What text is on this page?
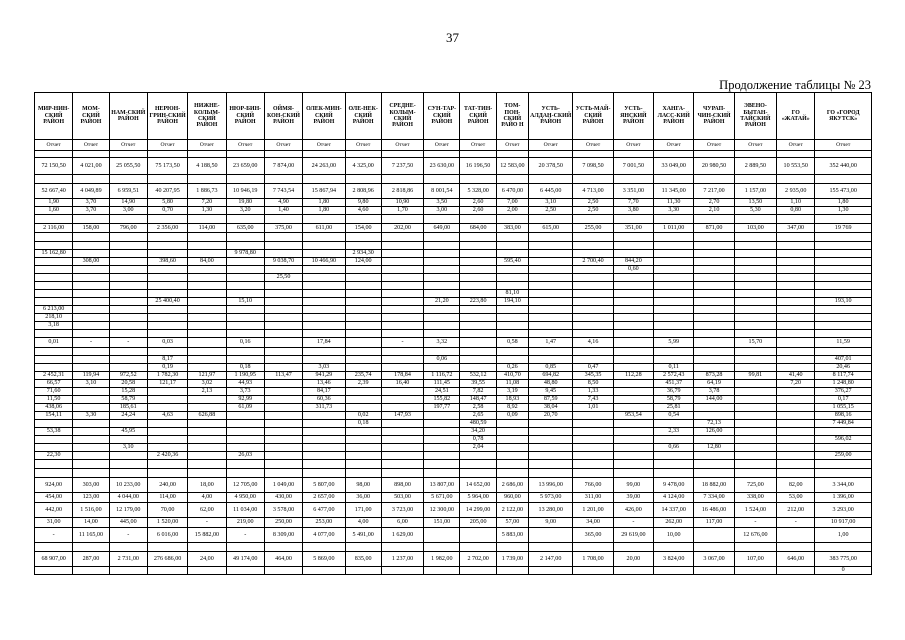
37
Продолжение таблицы № 23
МИР-НИН-СКИЙ РАЙОН	МОМ-СКИЙ РАЙОН	НАМ-СКИЙ РАЙОН	НЕРЮН-ГРИН-СКИЙ РАЙОН	НИЖНЕ-КОЛЫМ-СКИЙ РАЙОН	НЮР-БИН-СКИЙ РАЙОН	ОЙМЯ-КОН-СКИЙ РАЙОН	ОЛЕК-МИН-СКИЙ РАЙОН	ОЛЕ-НЕК-СКИЙ РАЙОН	СРЕДНЕ-КОЛЫМ-СКИЙ РАЙОН	СУН-ТАР-СКИЙ РАЙОН	ТАТ-ТИН-СКИЙ РАЙОН	ТОМ-ПОН-СКИЙ РАЙО Н	УСТЬ-АЛДАН-СКИЙ РАЙОН	УСТЬ-МАЙ-СКИЙ РАЙОН	УСТЬ-ЯНСКИЙ РАЙОН	ХАНГА-ЛАСС-КИЙ РАЙОН	ЧУРАП-ЧИН-СКИЙ РАЙОН	ЭВЕНО-БЫТАН-ТАЙСКИЙ РАЙОН	ГО «ЖАТАЙ»	ГО «ГОРОД ЯКУТСК»
Отчет	Отчет	Отчет	Отчет	Отчет	Отчет	Отчет	Отчет	Отчет	Отчет	Отчет	Отчет	Отчет	Отчет	Отчет	Отчет	Отчет	Отчет	Отчет	Отчет	Отчет

72 150,50	4 021,00	25 055,50	75 173,50	4 188,50	23 659,00	7 874,00	24 263,00	4 325,00	7 237,50	23 630,00	16 196,50	12 583,00	20 378,50	7 098,50	7 001,50	33 049,00	20 980,50	2 889,50	10 553,50	352 440,00

52 667,40	4 049,89	6 959,51	40 207,95	1 886,73	10 946,19	7 743,54	15 867,94	2 808,96	2 818,86	8 001,54	5 328,00	6 470,00	6 445,00	4 713,00	3 351,00	11 345,00	7 217,00	1 157,00	2 935,00	155 473,00
1,90	3,70	14,90	5,80	7,20	19,80	4,90	1,80	9,80	10,90	3,50	2,60	7,00	3,10	2,50	7,70	11,30	2,70	13,50	1,10	1,80
1,60	3,70	3,00	0,70	1,30	3,20	1,40	1,80	4,60	1,70	3,00	2,60	2,00	2,50	2,50	3,80	3,30	2,10	5,30	0,80	1,30

2 116,00	158,00	796,00	2 356,00	114,00	635,00	375,00	611,00	154,00	202,00	649,00	684,00	383,00	615,00	255,00	351,00	1 011,00	871,00	103,00	347,00	19 769

15 162,80					9 978,80			2 934,30												
	308,00		398,60	84,00		9 038,70	10 466,90	124,00				595,40		2 700,40	844,20					
															0,60					
						25,50														

												81,10								
			25 400,40		15,10					21,20	223,80	194,10								193,10
6 213,00																				
218,10																				
3,18																				

0,01	-	-	0,03		0,16		17,84		-	3,32		0,58	1,47	4,16		5,99		15,70		11,59

			8,17							0,06										407,01
			0,19		0,18		3,03					0,26	0,85	0,47		0,11				20,46
2 452,31	119,94	972,52	1 782,30	121,97	1 190,95	113,47	941,29	235,74	178,84	1 116,72	532,12	410,70	694,82	345,35	112,28	2 572,43	873,28	99,81	41,40	8 117,74
66,57	3,10	20,58	121,17	3,02	44,93		13,46	2,39	16,40	111,45	39,55	11,08	48,80	8,50		451,37	64,19		7,20	1 248,80
71,60		15,28		2,13	3,73		84,17			24,51	7,82	3,19	9,45	1,33		36,79	3,78			376,27
11,50		58,79			92,99		60,36			155,82	148,47	18,93	87,59	7,43		58,79	144,00			0,17
438,06		185,61			61,09		311,73			197,77	2,58	8,92	38,04	1,01		25,81				1 055,15
154,11	3,30	24,24	4,63	626,88				0,02	147,93		2,65	0,09	20,70		953,54	0,54				898,16
								0,18			480,59						72,13			7 449,84
53,38		45,95									34,20					2,33	126,00			
											0,78									596,02
		3,10									2,04					0,66	12,80			
22,30			2 420,36		26,03															259,00

924,00	303,00	10 233,00	240,00	18,00	12 705,00	1 049,00	5 807,00	98,00	898,00	13 807,00	14 652,00	2 686,00	13 996,00	766,00	99,00	9 478,00	18 882,00	725,00	82,00	3 344,00
454,00	123,00	4 044,00	114,00	4,00	4 950,00	430,00	2 657,00	36,00	503,00	5 671,00	5 964,00	960,00	5 973,00	311,00	39,00	4 124,00	7 334,00	338,00	53,00	1 396,00
442,00	1 516,00	12 179,00	70,00	62,00	11 034,00	3 578,00	6 477,00	171,00	3 723,00	12 300,00	14 299,00	2 122,00	13 280,00	1 201,00	426,00	14 337,00	16 486,00	1 524,00	212,00	3 293,00
31,00	14,00	445,00	1 520,00	-	219,00	250,00	253,00	4,00	6,00	151,00	205,00	57,00	9,00	34,00	-	262,00	117,00	-	-	10 917,00
-	11 165,00	-	6 016,00	15 882,00	-	8 309,00	4 077,00	5 491,00	1 629,00			5 883,00		365,00	29 619,00	10,00		12 676,00		1,00

68 907,00	287,00	2 731,00	276 686,00	24,00	49 174,00	464,00	5 869,00	835,00	1 237,00	1 982,00	2 702,00	1 739,00	2 147,00	1 708,00	20,00	3 824,00	3 067,00	107,00	646,00	383 775,00
																				0
